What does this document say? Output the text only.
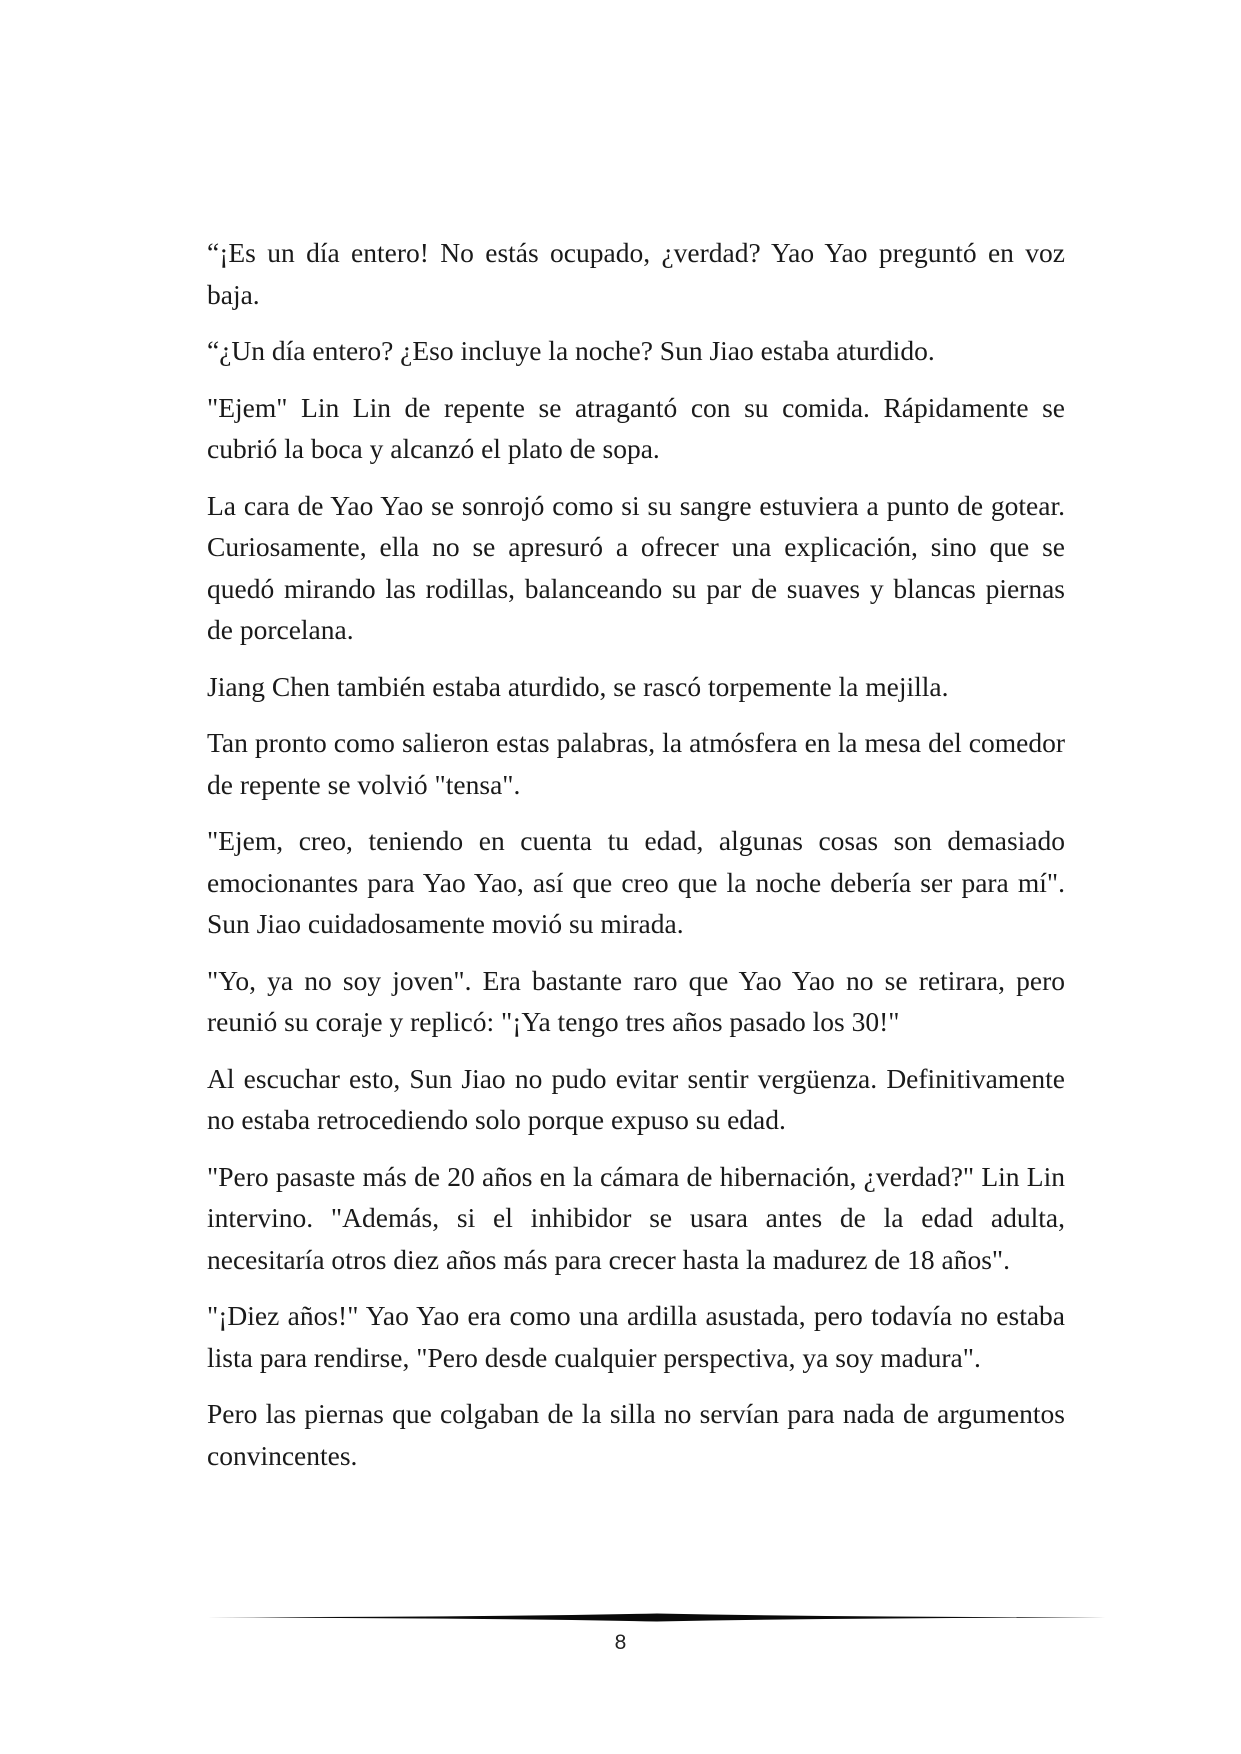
“¡Es un día entero! No estás ocupado, ¿verdad? Yao Yao preguntó en voz baja.

“¿Un día entero? ¿Eso incluye la noche? Sun Jiao estaba aturdido.

"Ejem" Lin Lin de repente se atragantó con su comida. Rápidamente se cubrió la boca y alcanzó el plato de sopa.

La cara de Yao Yao se sonrojó como si su sangre estuviera a punto de gotear. Curiosamente, ella no se apresuró a ofrecer una explicación, sino que se quedó mirando las rodillas, balanceando su par de suaves y blancas piernas de porcelana.

Jiang Chen también estaba aturdido, se rascó torpemente la mejilla.

Tan pronto como salieron estas palabras, la atmósfera en la mesa del comedor de repente se volvió "tensa".

"Ejem, creo, teniendo en cuenta tu edad, algunas cosas son demasiado emocionantes para Yao Yao, así que creo que la noche debería ser para mí". Sun Jiao cuidadosamente movió su mirada.

"Yo, ya no soy joven". Era bastante raro que Yao Yao no se retirara, pero reunió su coraje y replicó: "¡Ya tengo tres años pasado los 30!"

Al escuchar esto, Sun Jiao no pudo evitar sentir vergüenza. Definitivamente no estaba retrocediendo solo porque expuso su edad.

"Pero pasaste más de 20 años en la cámara de hibernación, ¿verdad?" Lin Lin intervino. "Además, si el inhibidor se usara antes de la edad adulta, necesitaría otros diez años más para crecer hasta la madurez de 18 años".

"¡Diez años!" Yao Yao era como una ardilla asustada, pero todavía no estaba lista para rendirse, "Pero desde cualquier perspectiva, ya soy madura".

Pero las piernas que colgaban de la silla no servían para nada de argumentos convincentes.

8
